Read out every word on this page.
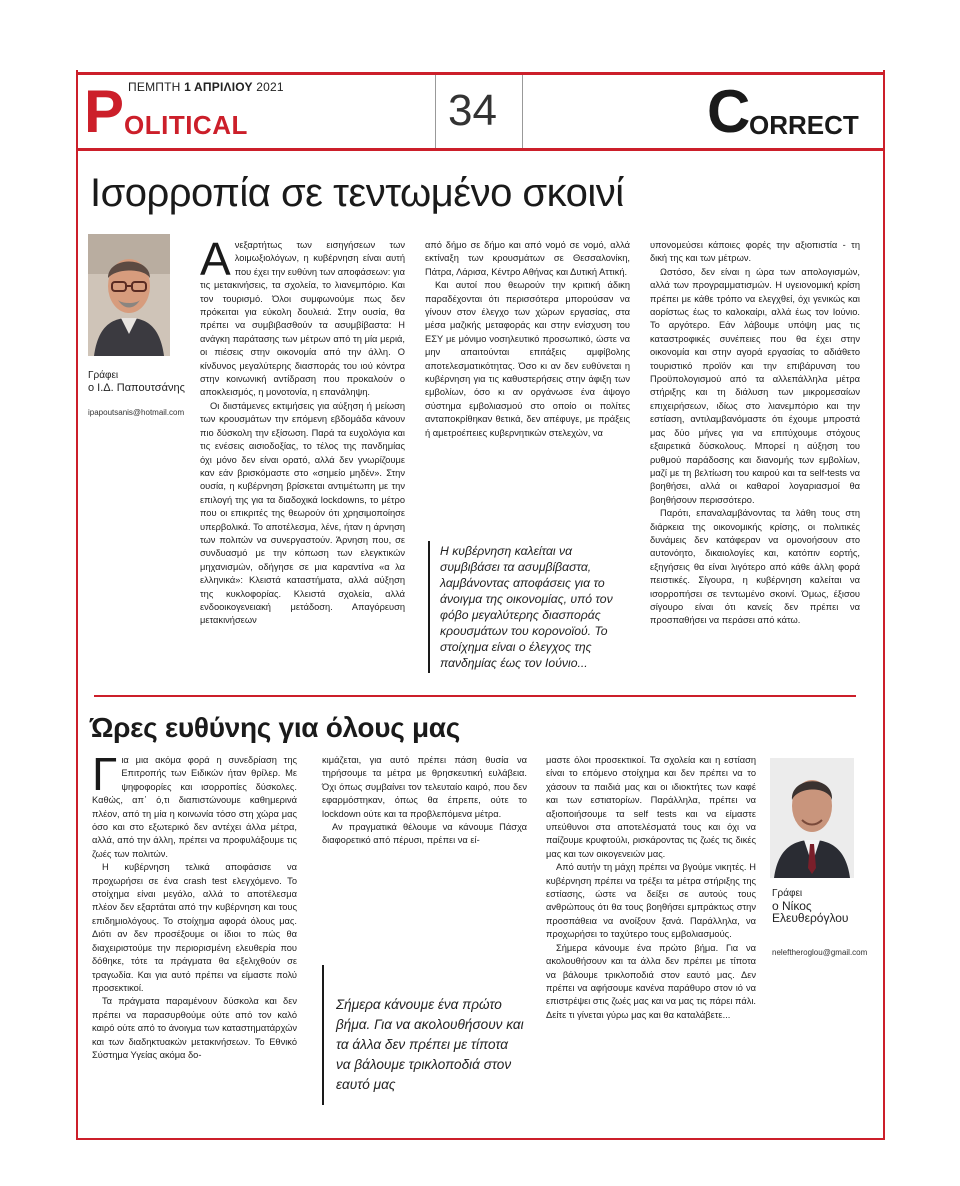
ΠΕΜΠΤΗ 1 ΑΠΡΙΛΙΟΥ 2021
P OLITICAL	34	C
ORRECT
Ισορροπία σε τεντωμένο σκοινί
Γράφει
ο Ι.Δ. Παπουτσάνης
ipapoutsanis@hotmail.com

Ανεξαρτήτως των εισηγήσεων των λοιμωξιολόγων, η κυβέρνηση είναι αυτή που έχει την ευθύνη των αποφάσεων: για τις μετακινήσεις, τα σχολεία, το λιανεμπόριο. Και τον τουρισμό. Όλοι συμφωνούμε πως δεν πρόκειται για εύκολη δουλειά. Στην ουσία, θα πρέπει να συμβιβασθούν τα ασυμβίβαστα: Η ανάγκη παράτασης των μέτρων από τη μία μεριά, οι πιέσεις στην οικονομία από την άλλη. Ο κίνδυνος μεγαλύτερης διασποράς του ιού κόντρα στην κοινωνική αντίδραση που προκαλούν ο αποκλεισμός, η μονοτονία, η επανάληψη.

Οι διιστάμενες εκτιμήσεις για αύξηση ή μείωση των κρουσμάτων την επόμενη εβδομάδα κάνουν πιο δύσκολη την εξίσωση. Παρά τα ευχολόγια και τις ενέσεις αισιοδοξίας, το τέλος της πανδημίας όχι μόνο δεν είναι ορατό, αλλά δεν γνωρίζουμε καν εάν βρισκόμαστε στο «σημείο μηδέν». Στην ουσία, η κυβέρνηση βρίσκεται αντιμέτωπη με την επιλογή της για τα διαδοχικά lockdowns, το μέτρο που οι επικριτές της θεωρούν ότι χρησιμοποίησε υπερβολικά. Το αποτέλεσμα, λένε, ήταν η άρνηση των πολιτών να συνεργαστούν. Άρνηση που, σε συνδυασμό με την κόπωση των ελεγκτικών μηχανισμών, οδήγησε σε μια καραντίνα «α λα ελληνικά»: Κλειστά καταστήματα, αλλά αύξηση της κυκλοφορίας. Κλειστά σχολεία, αλλά ενδοοικογενειακή μετάδοση. Απαγόρευση μετακινήσεων

από δήμο σε δήμο και από νομό σε νομό, αλλά εκτίναξη των κρουσμάτων σε Θεσσαλονίκη, Πάτρα, Λάρισα, Κέντρο Αθήνας και Δυτική Αττική.

Και αυτοί που θεωρούν την κριτική άδικη παραδέχονται ότι περισσότερα μπορούσαν να γίνουν στον έλεγχο των χώρων εργασίας, στα μέσα μαζικής μεταφοράς και στην ενίσχυση του ΕΣΥ με μόνιμο νοσηλευτικό προσωπικό, ώστε να μην απαιτούνται επιτάξεις αμφίβολης αποτελεσματικότητας. Όσο κι αν δεν ευθύνεται η κυβέρνηση για τις καθυστερήσεις στην άφιξη των εμβολίων, όσο κι αν οργάνωσε ένα άψογο σύστημα εμβολιασμού στο οποίο οι πολίτες ανταποκρίθηκαν θετικά, δεν απέφυγε, με πράξεις ή αμετροέπειες κυβερνητικών στελεχών, να

Η κυβέρνηση καλείται να συμβιβάσει τα ασυμβίβαστα, λαμβάνοντας αποφάσεις για το άνοιγμα της οικονομίας, υπό τον φόβο μεγαλύτερης διασποράς κρουσμάτων του κορονοϊού. Το στοίχημα είναι ο έλεγχος της πανδημίας έως τον Ιούνιο...

υπονομεύσει κάποιες φορές την αξιοπιστία - τη δική της και των μέτρων.

Ωστόσο, δεν είναι η ώρα των απολογισμών, αλλά των προγραμματισμών. Η υγειονομική κρίση πρέπει με κάθε τρόπο να ελεγχθεί, όχι γενικώς και αορίστως έως το καλοκαίρι, αλλά έως τον Ιούνιο. Το αργότερο. Εάν λάβουμε υπόψη μας τις καταστροφικές συνέπειες που θα έχει στην οικονομία και στην αγορά εργασίας το αδιάθετο τουριστικό προϊόν και την επιβάρυνση του Προϋπολογισμού από τα αλλεπάλληλα μέτρα στήριξης και τη διάλυση των μικρομεσαίων επιχειρήσεων, ιδίως στο λιανεμπόριο και την εστίαση, αντιλαμβανόμαστε ότι έχουμε μπροστά μας δύο μήνες για να επιτύχουμε στόχους εξαιρετικά δύσκολους. Μπορεί η αύξηση του ρυθμού παράδοσης και διανομής των εμβολίων, μαζί με τη βελτίωση του καιρού και τα self-tests να βοηθήσει, αλλά οι καθαροί λογαριασμοί θα βοηθήσουν περισσότερο.

Παρότι, επαναλαμβάνοντας τα λάθη τους στη διάρκεια της οικονομικής κρίσης, οι πολιτικές δυνάμεις δεν κατάφεραν να ομονοήσουν στο αυτονόητο, δικαιολογίες και, κατόπιν εορτής, εξηγήσεις θα είναι λιγότερο από κάθε άλλη φορά πειστικές. Σίγουρα, η κυβέρνηση καλείται να ισορροπήσει σε τεντωμένο σκοινί. Όμως, έξισου σίγουρο είναι ότι κανείς δεν πρέπει να προσπαθήσει να περάσει από κάτω.

Ώρες ευθύνης για όλους μας

Για μια ακόμα φορά η συνεδρίαση της Επιτροπής των Ειδικών ήταν θρίλερ. Με ψηφοφορίες και ισορροπίες δύσκολες. Καθώς, απ᾽ ό,τι διαπιστώνουμε καθημερινά πλέον, από τη μία η κοινωνία τόσο στη χώρα μας όσο και στο εξωτερικό δεν αντέχει άλλα μέτρα, αλλά, από την άλλη, πρέπει να προφυλάξουμε τις ζωές των πολιτών.

Η κυβέρνηση τελικά αποφάσισε να προχωρήσει σε ένα crash test ελεγχόμενο. Το στοίχημα είναι μεγάλο, αλλά το αποτέλεσμα πλέον δεν εξαρτάται από την κυβέρνηση και τους επιδημιολόγους. Το στοίχημα αφορά όλους μας. Διότι αν δεν προσέξουμε οι ίδιοι το πώς θα διαχειριστούμε την περιορισμένη ελευθερία που δόθηκε, τότε τα πράγματα θα εξελιχθούν σε τραγωδία. Και για αυτό πρέπει να είμαστε πολύ προσεκτικοί.

Τα πράγματα παραμένουν δύσκολα και δεν πρέπει να παρασυρθούμε ούτε από τον καλό καιρό ούτε από το άνοιγμα των καταστηματάρχών και των διαδηκτυακών μετακινήσεων. Το Εθνικό Σύστημα Υγείας ακόμα δο-

κιμάζεται, για αυτό πρέπει πάση θυσία να τηρήσουμε τα μέτρα με θρησκευτική ευλάβεια. Όχι όπως συμβαίνει τον τελευταίο καιρό, που δεν εφαρμόστηκαν, όπως θα έπρεπε, ούτε το lockdown ούτε και τα προβλεπόμενα μέτρα.

Αν πραγματικά θέλουμε να κάνουμε Πάσχα διαφορετικό από πέρυσι, πρέπει να εί-

Σήμερα κάνουμε ένα πρώτο βήμα. Για να ακολουθήσουν και τα άλλα δεν πρέπει με τίποτα να βάλουμε τρικλοποδιά στον εαυτό μας

μαστε όλοι προσεκτικοί. Τα σχολεία και η εστίαση είναι το επόμενο στοίχημα και δεν πρέπει να το χάσουν τα παιδιά μας και οι ιδιοκτήτες των καφέ και των εστιατορίων. Παράλληλα, πρέπει να αξιοποιήσουμε τα self tests και να είμαστε υπεύθυνοι στα αποτελέσματά τους και όχι να παίζουμε κρυφτούλι, ρισκάροντας τις ζωές τις δικές μας και των οικογενειών μας.

Από αυτήν τη μάχη πρέπει να βγούμε νικητές. Η κυβέρνηση πρέπει να τρέξει τα μέτρα στήριξης της εστίασης, ώστε να δείξει σε αυτούς τους ανθρώπους ότι θα τους βοηθήσει εμπράκτως στην προσπάθεια να ανοίξουν ξανά. Παράλληλα, να προχωρήσει το ταχύτερο τους εμβολιασμούς.

Σήμερα κάνουμε ένα πρώτο βήμα. Για να ακολουθήσουν και τα άλλα δεν πρέπει με τίποτα να βάλουμε τρικλοποδιά στον εαυτό μας. Δεν πρέπει να αφήσουμε κανένα παράθυρο στον ιό να επιστρέψει στις ζωές μας και να μας τις πάρει πάλι. Δείτε τι γίνεται γύρω μας και θα καταλάβετε...

Γράφει
ο Νίκος Ελευθερόγλου
neleftheroglou@gmail.com
